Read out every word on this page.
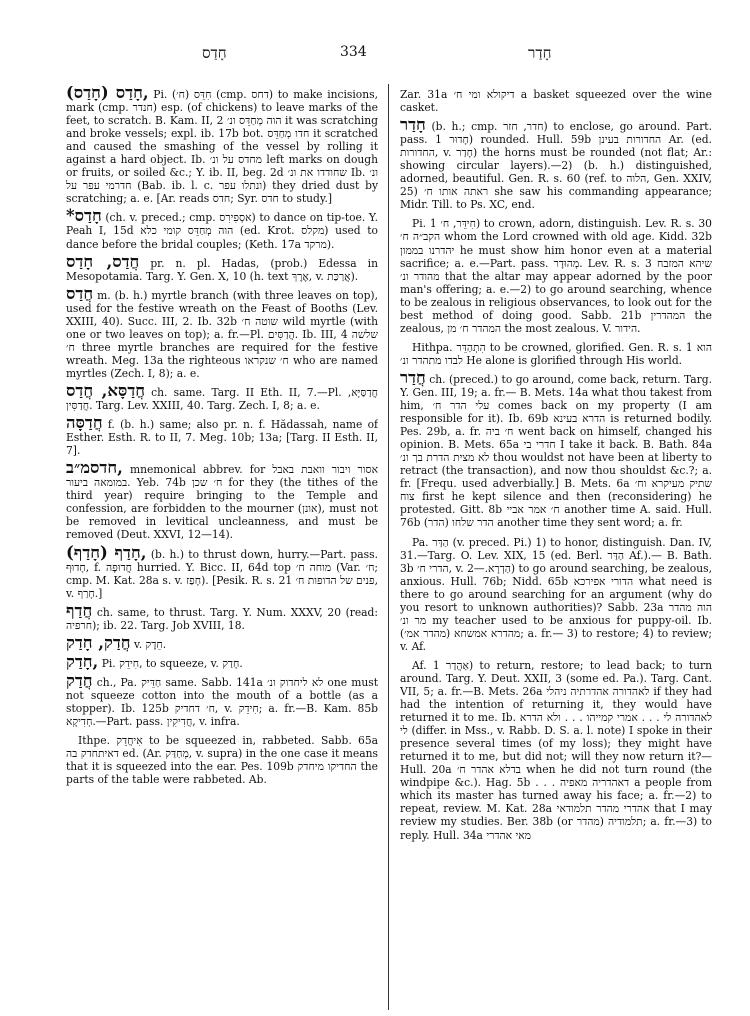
חָדַס	334	חָדַר

חָדַס (חָדַס), Pi. חִדֵּס (ח׳) (cmp. דחס) to make incisions, mark (cmp. חנדר) esp. (of chickens) to leave marks of the feet, to scratch. B. Kam. II, 2 הוה מְחַדֵּס ונ׳ it was scratching and broke vessels; expl. ib. 17b bot. חדו מְחַדֵּס it scratched and caused the smashing of the vessel by rolling it against a hard object. Ib. מחדס על ונ׳ left marks on dough or fruits, or soiled &c.; Y. ib. II, beg. 2d שחודדו את ונ׳ Ib. ונ׳ חדרמי עפר על (Bab. ib. l. c. ונתלו עפר) they dried dust by scratching; a. e. [Ar. reads חדס; Syr. חדס to study.]

*חָדַס (ch. v. preced.; cmp. אסְפִירִס) to dance on tip-toe. Y. Peah I, 15d הוה מְחַדֵּס קומי כלא (ed. Krot. מקלס) used to dance before the bridal couples; (Keth. 17a מרקד).

חֲדַס, חָדַס pr. n. pl. Hadas, (prob.) Edessa in Mesopotamia. Targ. Y. Gen. X, 10 (h. text אֶרֶךְ, v. אֲרַכַּת).

חֲדַס m. (b. h.) myrtle branch (with three leaves on top), used for the festive wreath on the Feast of Booths (Lev. XXIII, 40). Succ. III, 2. Ib. 32b שוטה ח׳ wild myrtle (with one or two leaves on top); a. fr.—Pl. הֲדַסִּים. Ib. III, 4 שלשה ח׳ three myrtle branches are required for the festive wreath. Meg. 13a the righteous ח׳ שנקראו who are named myrtles (Zech. I, 8); a. e.

חֲדַסָּא, חֲדַס ch. same. Targ. II Eth. II, 7.—Pl. חֲדַסַּיָּא, חֲדַסִּין. Targ. Lev. XXIII, 40. Targ. Zech. I, 8; a. e.

חֲדַסָּה f. (b. h.) same; also pr. n. f. Hădassah, name of Esther. Esth. R. to II, 7. Meg. 10b; 13a; [Targ. II Esth. II, 7].

חדסמ״ב, mnemonical abbrev. for אסור ויבור וואבת באבל במומאה ביעור. Yeb. 74b ח׳ שכן for they (the tithes of the third year) require bringing to the Temple and confession, are forbidden to the mourner (אונן), must not be removed in levitical uncleanness, and must be removed (Deut. XXVI, 12—14).

חָדַף (חָדַף), (b. h.) to thrust down, hurry.—Part. pass. חָדוּף, f. חֲדוּפָה hurried. Y. Bicc. II, 64d top מוחה ח׳ (Var. ח׳; cmp. M. Kat. 28a s. v. חָפַז). [Pesik. R. s. 21 פנים של הדופות ח׳, v. חָרַף.]

חֲדַף ch. same, to thrust. Targ. Y. Num. XXXV, 20 (read: חרפיה); ib. 22. Targ. Job XVIII, 18.

חֲדַק, חָדַק v. חֵדֶק.

חָדַק, Pi. חִידֵק, to squeeze, v. חָדַק.

חֲדַק ch., Pa. חַדֵּיק same. Sabb. 141a לא ליחדוק ונ׳ one must not squeeze cotton into the mouth of a bottle (as a stopper). Ib. 125b ח׳ דחדיק, v. חִידֵק; a. fr.—B. Kam. 85b חְדִיקָא.—Part. pass. חֲדִיקִין, v. infra.

Ithpe. אִיחֲדֵק to be squeezed in, rabbeted. Sabb. 65a דאיתחדק בה ed. (Ar. מְחַדַּק, v. supra) in the one case it means that it is squeezed into the ear. Pes. 109b החדיקו מיחדק the parts of the table were rabbeted. Ab.

Zar. 31a דיקולא ומי ח׳ a basket squeezed over the wine casket.

חָדַר (b. h.; cmp. חדר, חזר) to enclose, go around. Part. pass. חָדוּר 1) rounded. Hull. 59b החדורות בעינן Ar. (ed. החדורות, v. חָדַר) the horns must be rounded (not flat; Ar.: showing circular layers).—2) (b. h.) distinguished, adorned, beautiful. Gen. R. s. 60 (ref. to הלוה, Gen. XXIV, 25) ראתה אותו ח׳ she saw his commanding appearance; Midr. Till. to Ps. XC, end.

Pi. חִידֵּר, ח׳ 1) to crown, adorn, distinguish. Lev. R. s. 30 הקב״ה ח׳ whom the Lord crowned with old age. Kidd. 32b יהדרנו בממון he must show him honor even at a material sacrifice; a. e.—Part. pass. מְהוּדָר. Lev. R. s. 3 שיהא המזבח מהודר ונ׳ that the altar may appear adorned by the poor man's offering; a. e.—2) to go around searching, whence to be zealous in religious observances, to look out for the best method of doing good. Sabb. 21b המהדרין the zealous, המהדר ח׳ מן the most zealous. V. הידור.

Hithpa. הִתְהַדֵּר to be crowned, glorified. Gen. R. s. 1 הוא לבדו מתהדר ונ׳ He alone is glorified through His world.

חֲדַר ch. (preced.) to go around, come back, return. Targ. Y. Gen. III, 19; a. fr.— B. Mets. 14a what thou takest from him, עלי הדר ח׳ comes back on my property (I am responsible for it). Ib. 69b הדרא בעינא is returned bodily. Pes. 29b, a. fr. ח׳ ביה went back on himself, changed his opinion. B. Mets. 65a חדרי בי I take it back. B. Bath. 84a לא מצית הדרת בך ונ׳ thou wouldst not have been at liberty to retract (the transaction), and now thou shouldst &c.?; a. fr. [Frequ. used adverbially.] B. Mets. 6a שתיק מעיקרא וח׳ צוח first he kept silence and then (reconsidering) he protested. Gitt. 8b ח׳ אמר אביי another time A. said. Hull. 76b (הדר) הדר שלחו another time they sent word; a. fr.

Pa. הַדַּר (v. preced. Pi.) 1) to honor, distinguish. Dan. IV, 31.—Targ. O. Lev. XIX, 15 (ed. Berl. הַדַּר Af.).— B. Bath. 3b הדרי ח׳, v. הַדְרָא.—2) to go around searching, be zealous, anxious. Hull. 76b; Nidd. 65b הדורי אפירכא what need is there to go around searching for an argument (why do you resort to unknown authorities)? Sabb. 23a הוה מהדר מר ונ׳ my teacher used to be anxious for puppy-oil. Ib. מהדרא אמשחא (מהדר אמ׳); a. fr.— 3) to restore; 4) to review; v. Af.

Af. אַהֲדַר 1) to return, restore; to lead back; to turn around. Targ. Y. Deut. XXII, 3 (some ed. Pa.). Targ. Cant. VII, 5; a. fr.—B. Mets. 26a לאהדורה אהדרתיה ניהלי if they had had the intention of returning it, they would have returned it to me. Ib. לאהדורה לי . . . אמרי קמייהו . . . ולא הדרא לי (differ. in Mss., v. Rabb. D. S. a. l. note) I spoke in their presence several times (of my loss); they might have returned it to me, but did not; will they now return it?—Hull. 20a בדלא אהדר ח׳ when he did not turn round (the windpipe &c.). Hag. 5b . . . דאהדריה מאפיה a people from which its master has turned away his face; a. fr.—2) to repeat, review. M. Kat. 28a אהדרי מהדר תלמודאי that I may review my studies. Ber. 38b (or מהדר) תלמודיה; a. fr.—3) to reply. Hull. 34a מאי אהדרי
